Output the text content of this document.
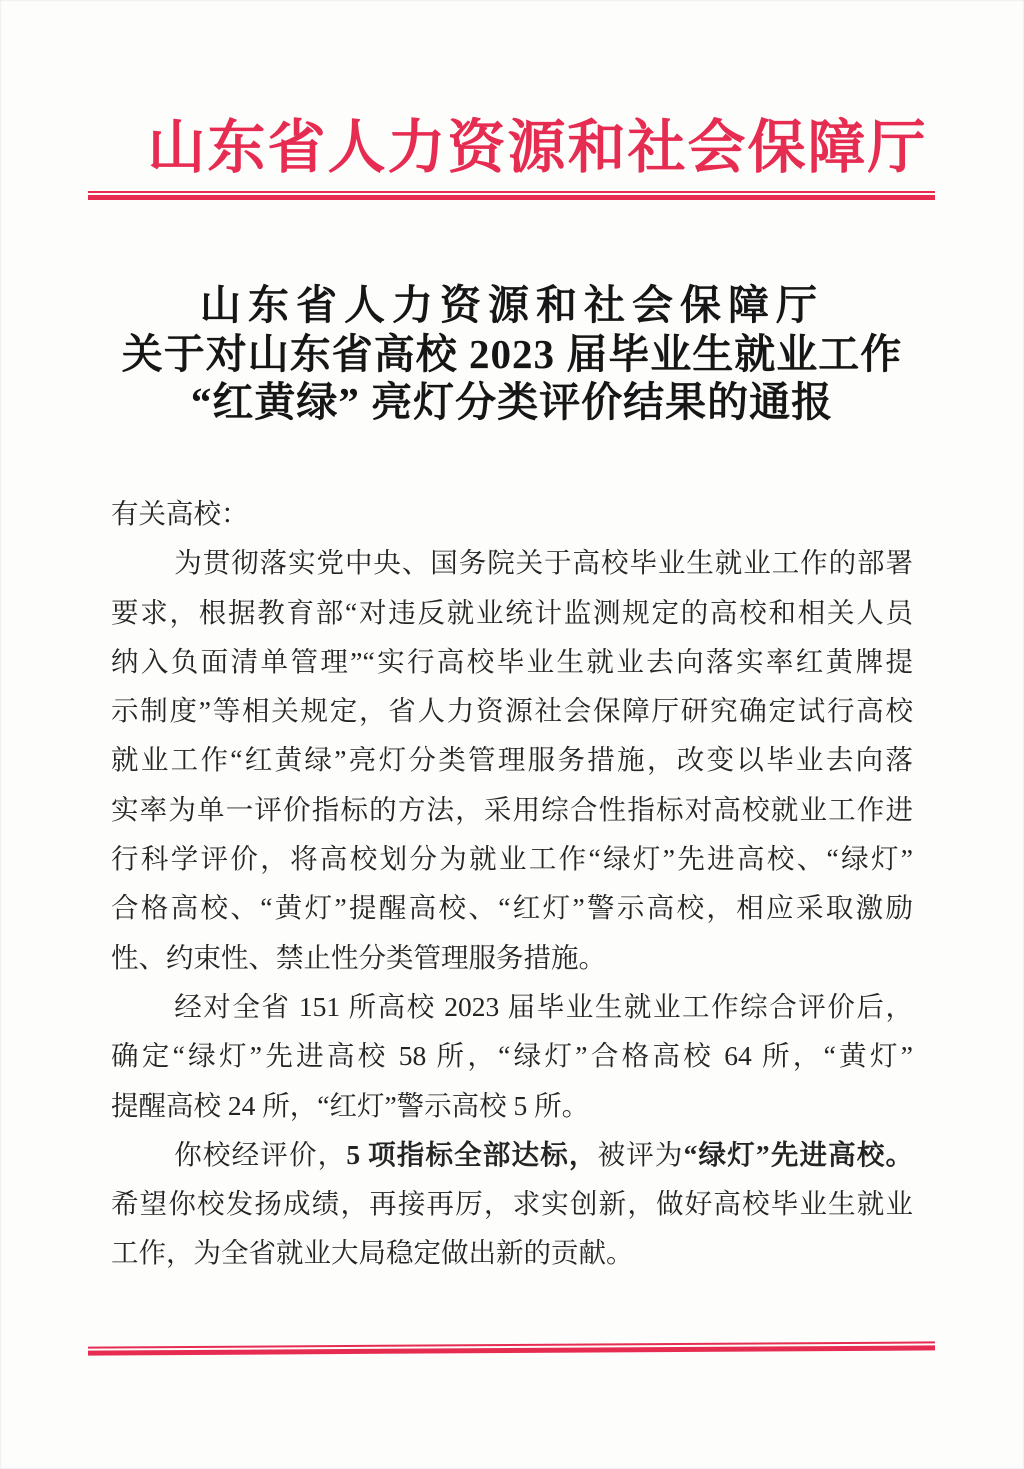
山东省人力资源和社会保障厅
山东省人力资源和社会保障厅
关于对山东省高校 2023 届毕业生就业工作
“红黄绿” 亮灯分类评价结果的通报
有关高校：
为贯彻落实党中央、国务院关于高校毕业生就业工作的部署
要求，根据教育部“对违反就业统计监测规定的高校和相关人员
纳入负面清单管理”“实行高校毕业生就业去向落实率红黄牌提
示制度”等相关规定，省人力资源社会保障厅研究确定试行高校
就业工作“红黄绿”亮灯分类管理服务措施，改变以毕业去向落
实率为单一评价指标的方法，采用综合性指标对高校就业工作进
行科学评价，将高校划分为就业工作“绿灯”先进高校、“绿灯”
合格高校、“黄灯”提醒高校、“红灯”警示高校，相应采取激励
性、约束性、禁止性分类管理服务措施。
经对全省 151 所高校 2023 届毕业生就业工作综合评价后，
确定“绿灯”先进高校 58 所，“绿灯”合格高校 64 所，“黄灯”
提醒高校 24 所，“红灯”警示高校 5 所。
你校经评价，5 项指标全部达标，被评为“绿灯”先进高校。
希望你校发扬成绩，再接再厉，求实创新，做好高校毕业生就业
工作，为全省就业大局稳定做出新的贡献。
